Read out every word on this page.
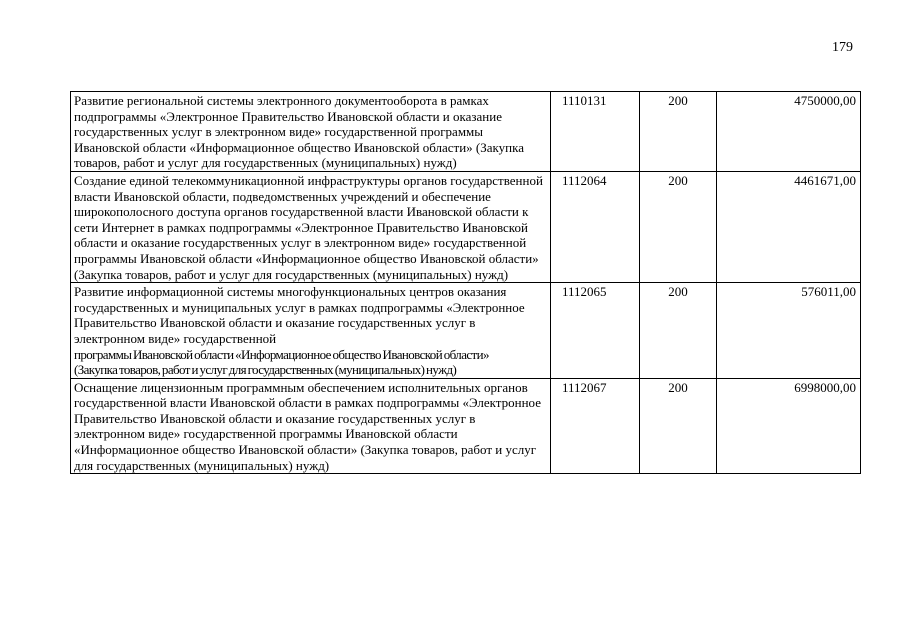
179
Развитие региональной системы электронного документооборота в рамках подпрограммы «Электронное Правительство Ивановской области и оказание государственных услуг в электронном виде» государственной программы Ивановской области «Информационное общество Ивановской области» (Закупка товаров, работ и услуг для государственных (муниципальных) нужд)	1110131	200	4750000,00
Создание единой телекоммуникационной инфраструктуры органов государственной власти Ивановской области, подведомственных учреждений и обеспечение широкополосного доступа органов государственной власти Ивановской области к сети Интернет в рамках подпрограммы «Электронное Правительство Ивановской области и оказание государственных услуг в электронном виде» государственной программы Ивановской области «Информационное общество Ивановской области» (Закупка товаров, работ и услуг для государственных (муниципальных) нужд)	1112064	200	4461671,00
Развитие информационной системы многофункциональных центров оказания государственных и муниципальных услуг в рамках подпрограммы «Электронное Правительство Ивановской области и оказание государственных услуг в электронном виде» государственной
программы Ивановской области «Информационное общество Ивановской области»
(Закупка товаров, работ и услуг для государственных (муниципальных) нужд)	1112065	200	576011,00
Оснащение лицензионным программным обеспечением исполнительных органов государственной власти Ивановской области в рамках подпрограммы «Электронное Правительство Ивановской области и оказание государственных услуг в электронном виде» государственной программы Ивановской области «Информационное общество Ивановской области» (Закупка товаров, работ и услуг для государственных (муниципальных) нужд)	1112067	200	6998000,00
